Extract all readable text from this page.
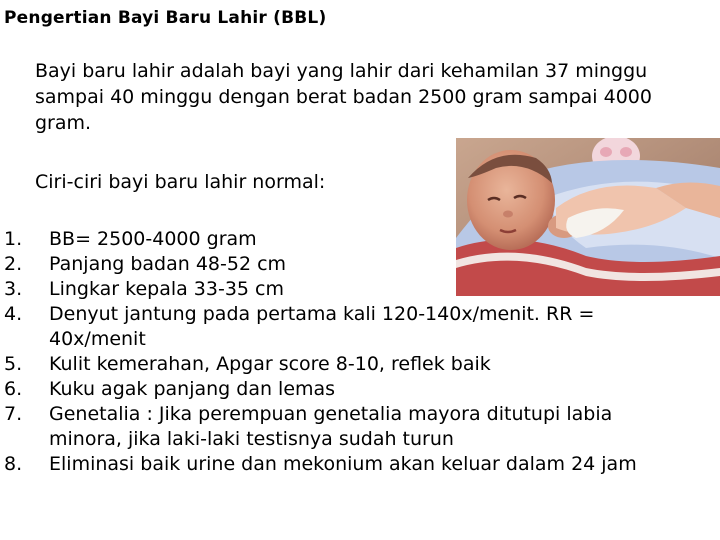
Pengertian Bayi Baru Lahir (BBL)
Bayi baru lahir adalah bayi yang lahir dari kehamilan 37 minggu sampai 40 minggu dengan berat badan 2500 gram sampai 4000 gram.
Ciri-ciri bayi baru lahir normal:
1. BB= 2500-4000 gram
2. Panjang badan 48-52 cm
3. Lingkar kepala 33-35 cm
4. Denyut jantung pada pertama kali 120-140x/menit. RR = 40x/menit
5. Kulit kemerahan, Apgar score 8-10, reflek baik
6. Kuku agak panjang dan lemas
7. Genetalia : Jika perempuan genetalia mayora ditutupi labia minora, jika laki-laki testisnya sudah turun
8. Eliminasi baik urine dan mekonium akan keluar dalam 24 jam
